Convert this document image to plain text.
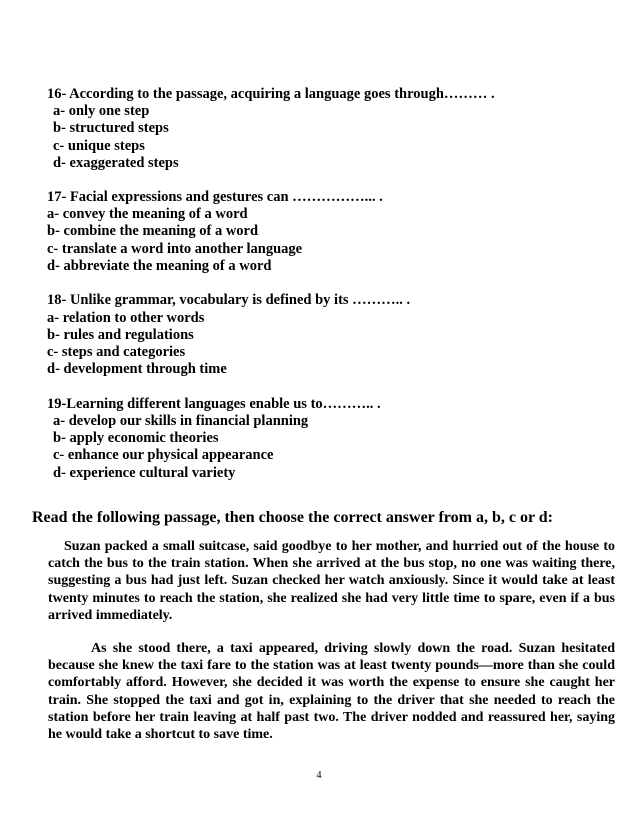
16- According to the passage, acquiring a language goes through……… .
a- only one step
b- structured steps
c- unique steps
d- exaggerated steps
17- Facial expressions and gestures can ……………... .
a- convey the meaning of a word
b- combine the meaning of a word
c- translate a word into another language
d- abbreviate the meaning of a word
18- Unlike grammar, vocabulary is defined by its ……….. .
a- relation to other words
b- rules and regulations
c- steps and categories
d- development through time
19-Learning different languages enable us to……….. .
a- develop our skills in financial planning
b- apply economic theories
c- enhance our physical appearance
d- experience cultural variety
Read the following passage, then choose the correct answer from a, b, c or d:
Suzan packed a small suitcase, said goodbye to her mother, and hurried out of the house to catch the bus to the train station. When she arrived at the bus stop, no one was waiting there, suggesting a bus had just left. Suzan checked her watch anxiously. Since it would take at least twenty minutes to reach the station, she realized she had very little time to spare, even if a bus arrived immediately.
As she stood there, a taxi appeared, driving slowly down the road. Suzan hesitated because she knew the taxi fare to the station was at least twenty pounds—more than she could comfortably afford. However, she decided it was worth the expense to ensure she caught her train. She stopped the taxi and got in, explaining to the driver that she needed to reach the station before her train leaving at half past two. The driver nodded and reassured her, saying he would take a shortcut to save time.
4
